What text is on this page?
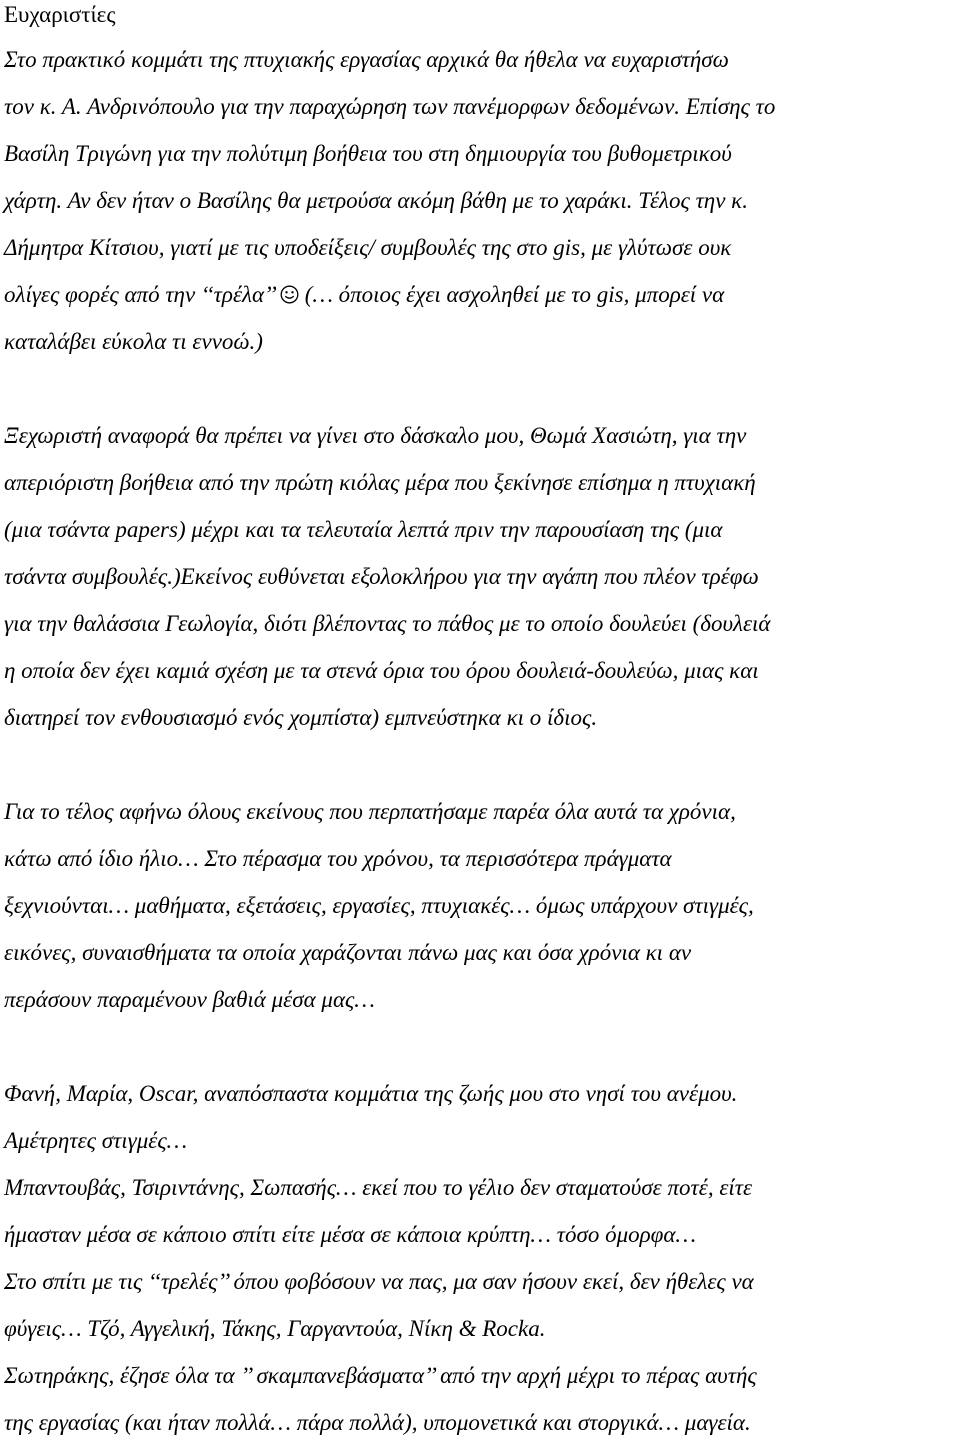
Ευχαριστίες
Στο πρακτικό κομμάτι της πτυχιακής εργασίας αρχικά θα ήθελα να ευχαριστήσω
τον κ. Α. Ανδρινόπουλο για την παραχώρηση των πανέμορφων δεδομένων. Επίσης το
Βασίλη Τριγώνη για την πολύτιμη βοήθεια του στη δημιουργία του βυθομετρικού
χάρτη. Αν δεν ήταν ο Βασίλης θα μετρούσα ακόμη βάθη με το χαράκι. Τέλος την κ.
Δήμητρα Κίτσιου, γιατί με τις υποδείξεις/ συμβουλές της στο gis, με γλύτωσε ουκ
ολίγες φορές από την ‘‘τρέλα’’
(… όποιος έχει ασχοληθεί με το gis, μπορεί να
καταλάβει εύκολα τι εννοώ.)
Ξεχωριστή αναφορά θα πρέπει να γίνει στο δάσκαλο μου, Θωμά Χασιώτη, για την
απεριόριστη βοήθεια από την πρώτη κιόλας μέρα που ξεκίνησε επίσημα η πτυχιακή
(μια τσάντα papers) μέχρι και τα τελευταία λεπτά πριν την παρουσίαση της (μια
τσάντα συμβουλές.)Εκείνος ευθύνεται εξολοκλήρου για την αγάπη που πλέον τρέφω
για την θαλάσσια Γεωλογία, διότι βλέποντας το πάθος με το οποίο δουλεύει (δουλειά
η οποία δεν έχει καμιά σχέση με τα στενά όρια του όρου δουλειά-δουλεύω, μιας και
διατηρεί τον ενθουσιασμό ενός χομπίστα) εμπνεύστηκα κι ο ίδιος.
Για το τέλος αφήνω όλους εκείνους που περπατήσαμε παρέα όλα αυτά τα χρόνια,
κάτω από ίδιο ήλιο… Στο πέρασμα του χρόνου, τα περισσότερα πράγματα
ξεχνιούνται… μαθήματα, εξετάσεις, εργασίες, πτυχιακές… όμως υπάρχουν στιγμές,
εικόνες, συναισθήματα τα οποία χαράζονται πάνω μας και όσα χρόνια κι αν
περάσουν παραμένουν βαθιά μέσα μας…
Φανή, Μαρία, Oscar, αναπόσπαστα κομμάτια της ζωής μου στο νησί του ανέμου.
Αμέτρητες στιγμές…
Μπαντουβάς, Τσιριντάνης, Σωπασής… εκεί που το γέλιο δεν σταματούσε ποτέ, είτε
ήμασταν μέσα σε κάποιο σπίτι είτε μέσα σε κάποια κρύπτη… τόσο όμορφα…
Στο σπίτι με τις ‘‘τρελές’’ όπου φοβόσουν να πας, μα σαν ήσουν εκεί, δεν ήθελες να
φύγεις… Τζό, Αγγελική, Τάκης, Γαργαντούα, Νίκη & Rocka.
Σωτηράκης, έζησε όλα τα ’’ σκαμπανεβάσματα’’ από την αρχή μέχρι το πέρας αυτής
της εργασίας (και ήταν πολλά… πάρα πολλά), υπομονετικά και στοργικά… μαγεία.
